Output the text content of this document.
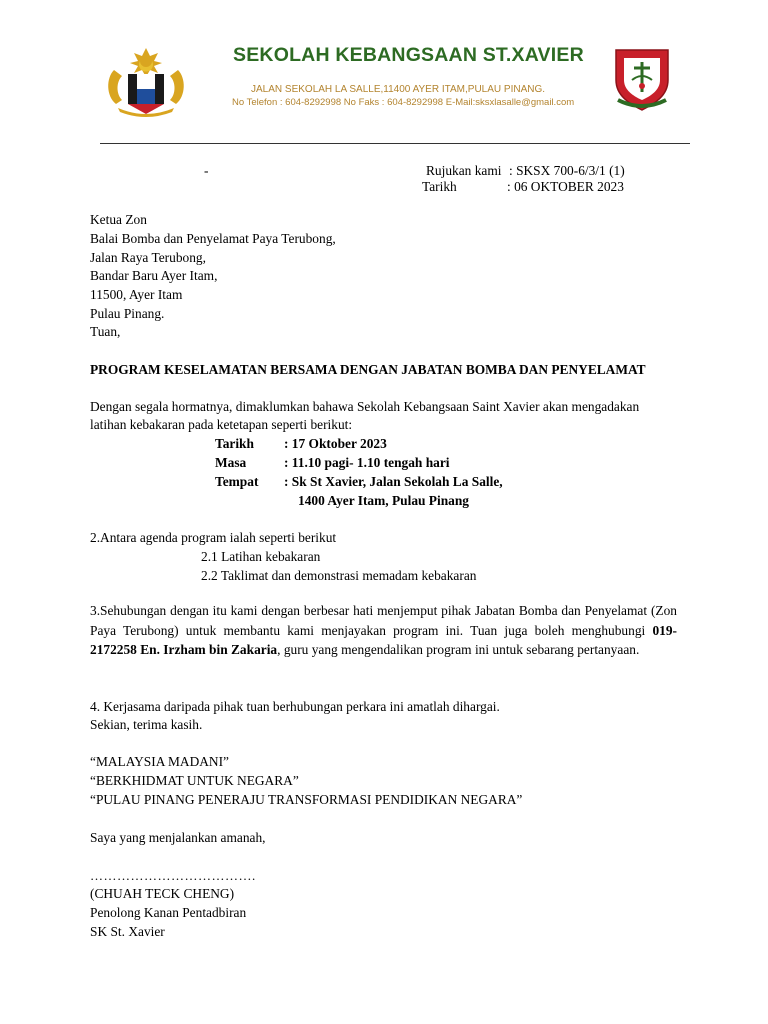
SEKOLAH KEBANGSAAN ST.XAVIER
JALAN SEKOLAH LA SALLE,11400 AYER ITAM,PULAU PINANG.
No Telefon : 604-8292998 No Faks : 604-8292998 E-Mail:sksxlasalle@gmail.com
-	Rujukan kami : SKSX 700-6/3/1 (1)
Tarikh	: 06 OKTOBER 2023
Ketua Zon
Balai Bomba dan Penyelamat Paya Terubong,
Jalan Raya Terubong,
Bandar Baru Ayer Itam,
11500, Ayer Itam
Pulau Pinang.
Tuan,
PROGRAM KESELAMATAN BERSAMA DENGAN JABATAN BOMBA DAN PENYELAMAT
Dengan segala hormatnya, dimaklumkan bahawa Sekolah Kebangsaan Saint Xavier akan mengadakan
latihan kebakaran pada ketetapan seperti berikut:
Tarikh : 17 Oktober 2023
Masa	: 11.10 pagi- 1.10 tengah hari
Tempat : Sk St Xavier, Jalan Sekolah La Salle,
1400 Ayer Itam, Pulau Pinang
2.Antara agenda program ialah seperti berikut
2.1 Latihan kebakaran
2.2 Taklimat dan demonstrasi memadam kebakaran
3.Sehubungan dengan itu kami dengan berbesar hati menjemput pihak Jabatan Bomba dan Penyelamat (Zon Paya Terubong) untuk membantu kami menjayakan program ini. Tuan juga boleh menghubungi 019-2172258 En. Irzham bin Zakaria, guru yang mengendalikan program ini untuk sebarang pertanyaan.
4. Kerjasama daripada pihak tuan berhubungan perkara ini amatlah dihargai.
Sekian, terima kasih.
“MALAYSIA MADANI”
“BERKHIDMAT UNTUK NEGARA”
“PULAU PINANG PENERAJU TRANSFORMASI PENDIDIKAN NEGARA”
Saya yang menjalankan amanah,
……………………………….
(CHUAH TECK CHENG)
Penolong Kanan Pentadbiran
SK St. Xavier
